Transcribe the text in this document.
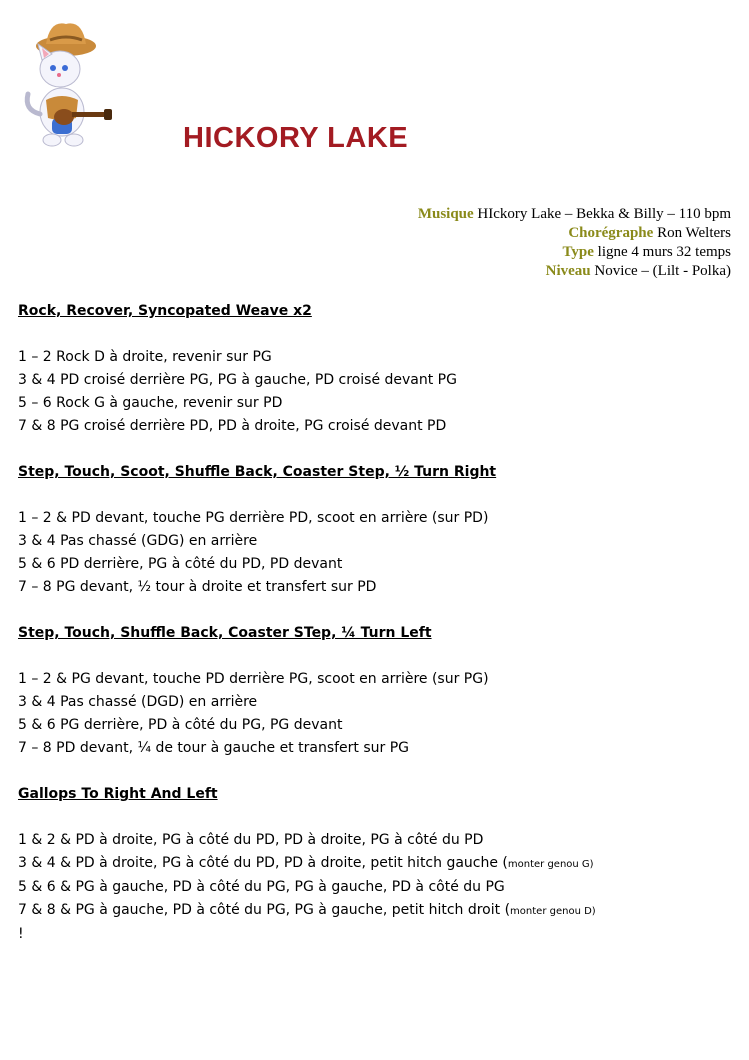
HICKORY LAKE
Musique HIckory Lake – Bekka & Billy – 110 bpm
Chorégraphe Ron Welters
Type ligne 4 murs 32 temps
Niveau Novice – (Lilt - Polka)

Rock, Recover, Syncopated Weave x2

1 – 2 Rock D à droite, revenir sur PG

3 & 4 PD croisé derrière PG, PG à gauche, PD croisé devant PG

5 – 6 Rock G à gauche, revenir sur PD

7 & 8 PG croisé derrière PD, PD à droite, PG croisé devant PD

Step, Touch, Scoot, Shuffle Back, Coaster Step, ½ Turn Right

1 – 2 & PD devant, touche PG derrière PD, scoot en arrière (sur PD)

3 & 4 Pas chassé (GDG) en arrière

5 & 6 PD derrière, PG à côté du PD, PD devant

7 – 8 PG devant, ½ tour à droite et transfert sur PD

Step, Touch, Shuffle Back, Coaster STep, ¼ Turn Left

1 – 2 & PG devant, touche PD derrière PG, scoot en arrière (sur PG)

3 & 4 Pas chassé (DGD) en arrière

5 & 6 PG derrière, PD à côté du PG, PG devant

7 – 8 PD devant, ¼ de tour à gauche et transfert sur PG

Gallops To Right And Left

1 & 2 & PD à droite, PG à côté du PD, PD à droite, PG à côté du PD

3 & 4 & PD à droite, PG à côté du PD, PD à droite, petit hitch gauche (monter genou G)

5 & 6 & PG à gauche, PD à côté du PG, PG à gauche, PD à côté du PG

7 & 8 & PG à gauche, PD à côté du PG, PG à gauche, petit hitch droit (monter genou D)

!
